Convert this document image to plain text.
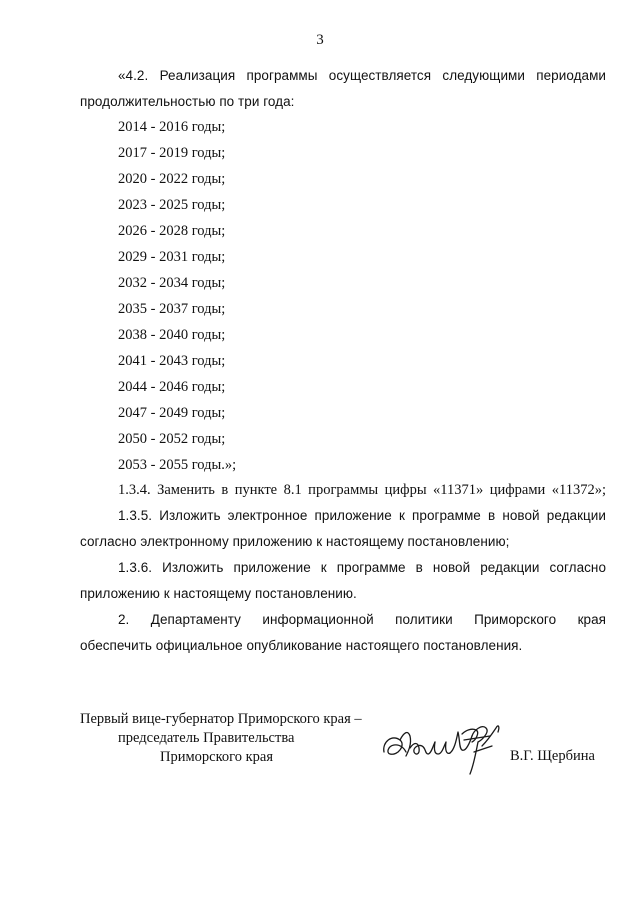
3
«4.2. Реализация программы осуществляется следующими периодами
продолжительностью по три года:
2014 - 2016 годы;
2017 - 2019 годы;
2020 - 2022 годы;
2023 - 2025 годы;
2026 - 2028 годы;
2029 - 2031 годы;
2032 - 2034 годы;
2035 - 2037 годы;
2038 - 2040 годы;
2041 - 2043 годы;
2044 - 2046 годы;
2047 - 2049 годы;
2050 - 2052 годы;
2053 - 2055 годы.»;
1.3.4. Заменить в пункте 8.1 программы цифры «11371» цифрами «11372»;
1.3.5. Изложить электронное приложение к программе в новой редакции
согласно электронному приложению к настоящему постановлению;
1.3.6. Изложить приложение к программе в новой редакции согласно
приложению к настоящему постановлению.
2. Департаменту информационной политики Приморского края
обеспечить официальное опубликование настоящего постановления.
Первый вице-губернатор Приморского края –
председатель Правительства
Приморского края	В.Г. Щербина
